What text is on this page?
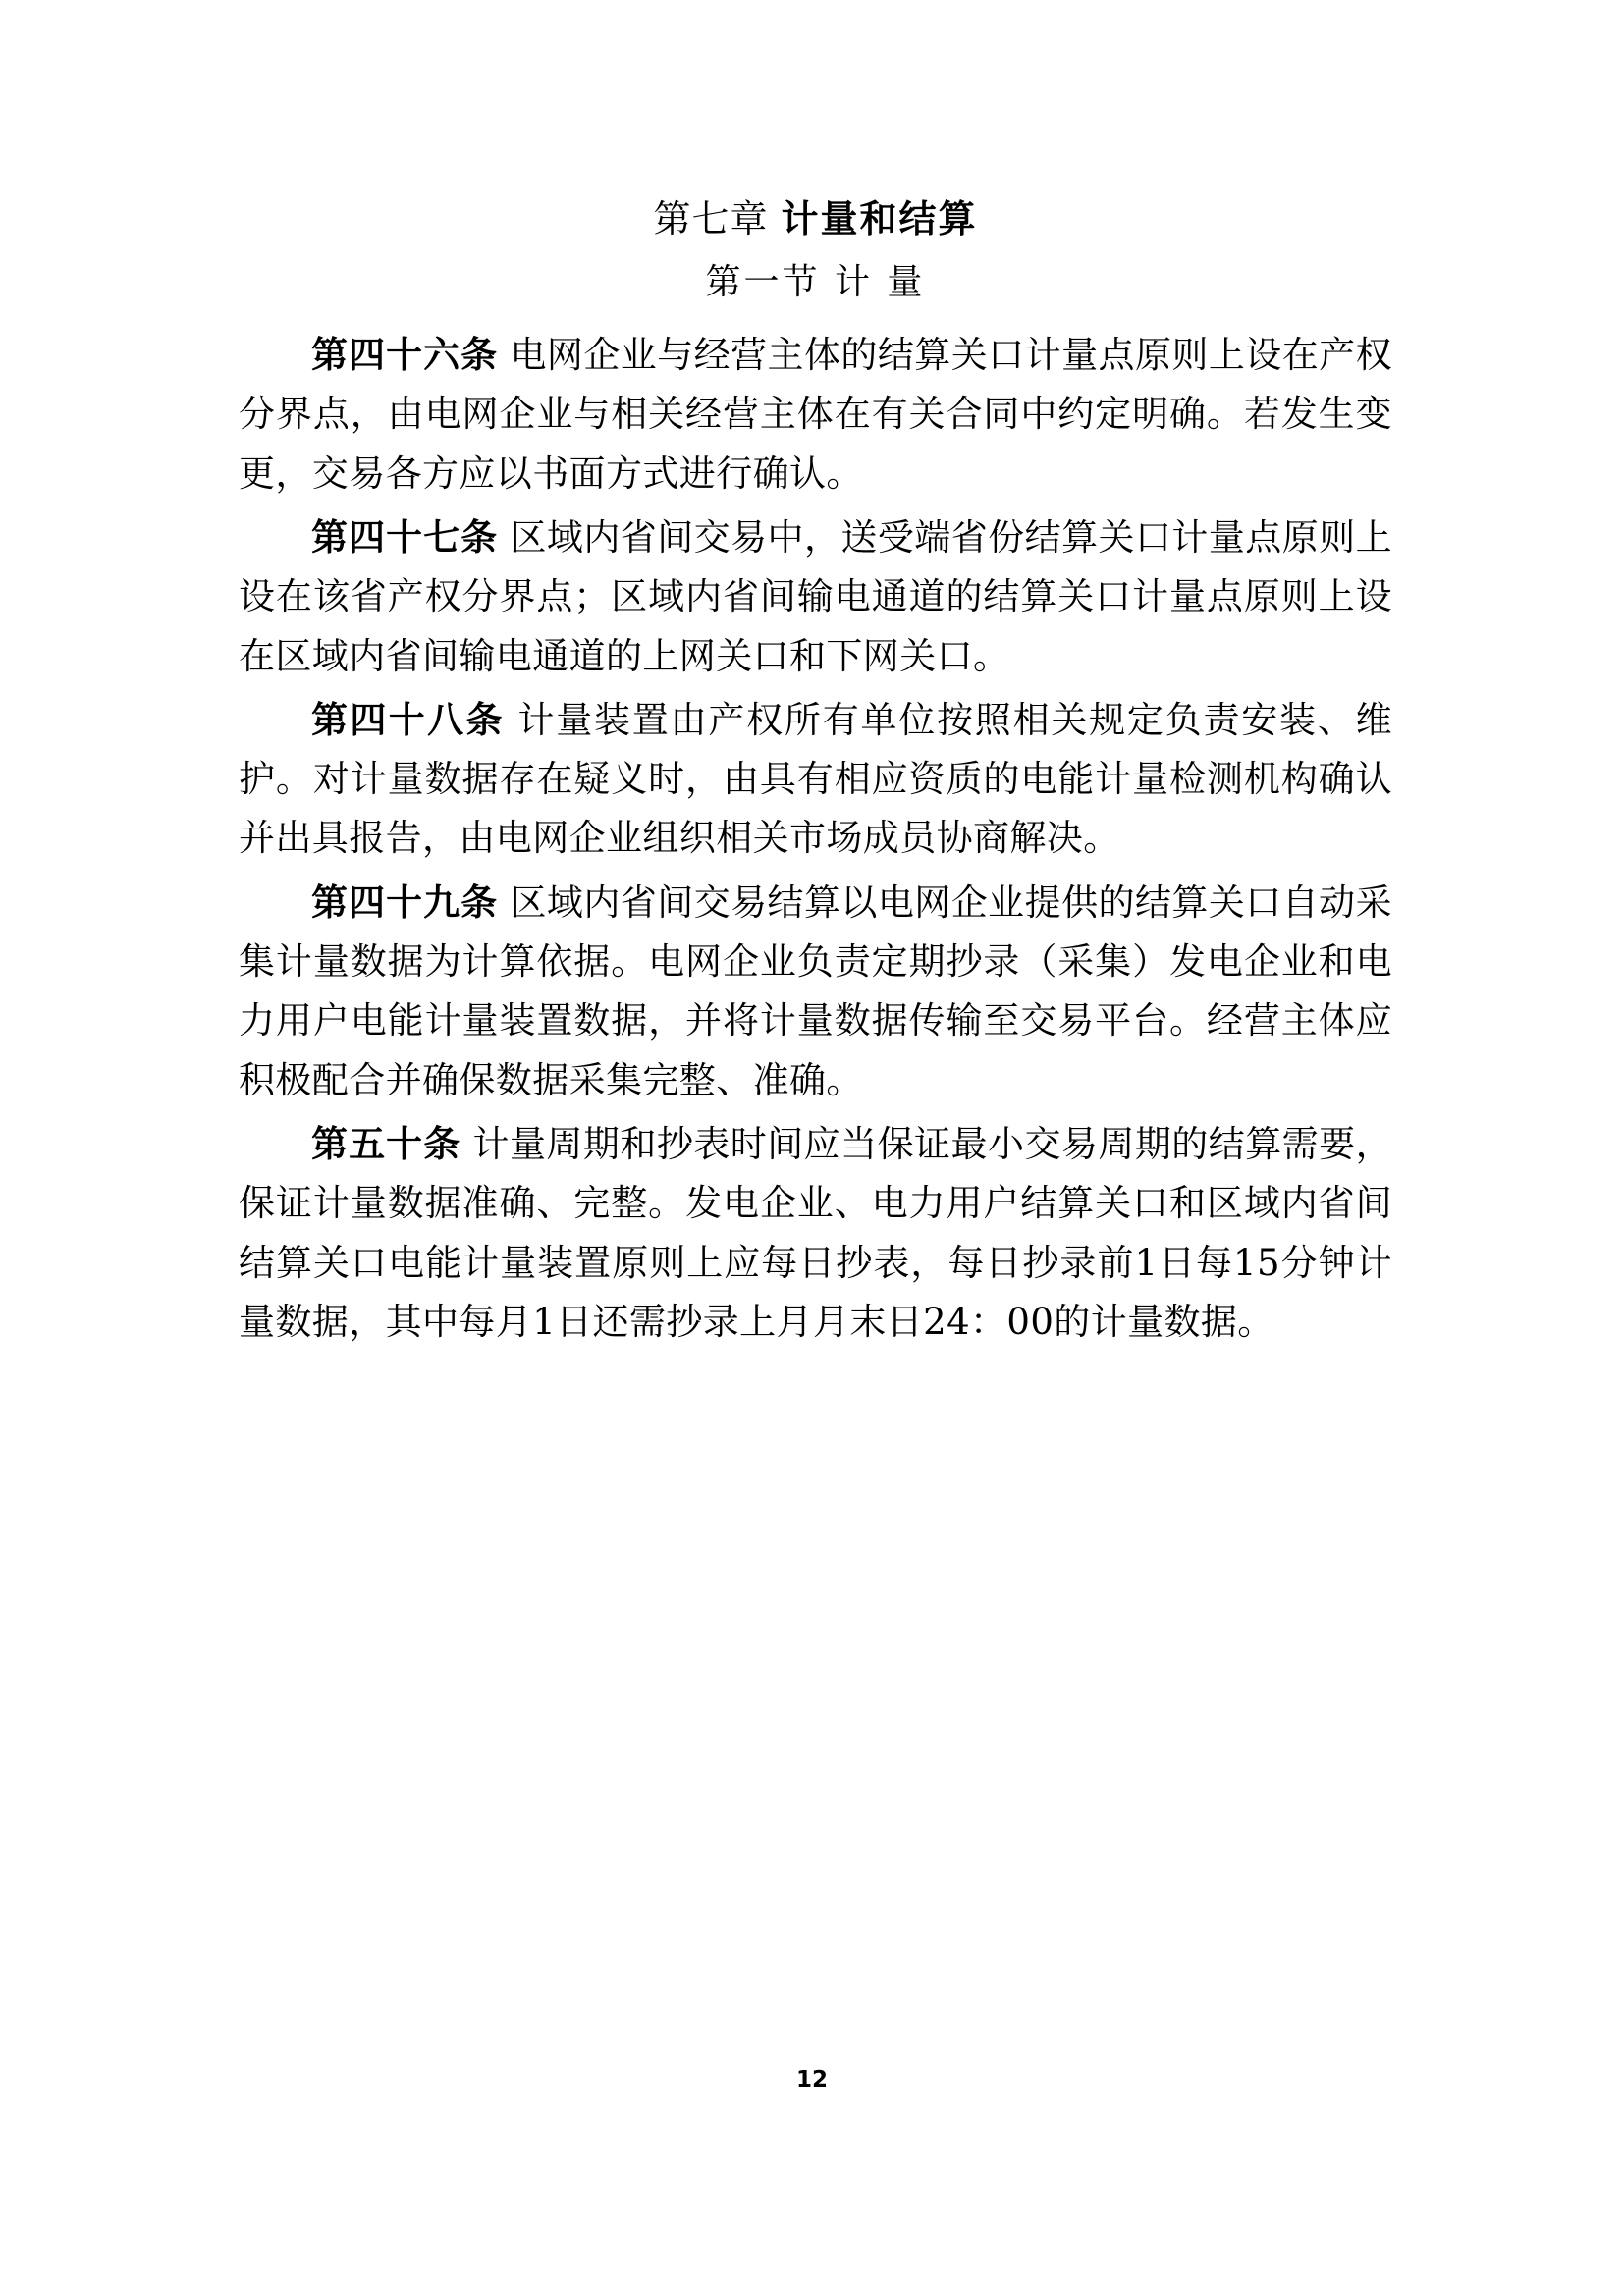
第七章 计量和结算
第一节 计 量

第四十六条 电网企业与经营主体的结算关口计量点原则上设在产权分界点，由电网企业与相关经营主体在有关合同中约定明确。若发生变更，交易各方应以书面方式进行确认。

第四十七条 区域内省间交易中，送受端省份结算关口计量点原则上设在该省产权分界点；区域内省间输电通道的结算关口计量点原则上设在区域内省间输电通道的上网关口和下网关口。

第四十八条 计量装置由产权所有单位按照相关规定负责安装、维护。对计量数据存在疑义时，由具有相应资质的电能计量检测机构确认并出具报告，由电网企业组织相关市场成员协商解决。

第四十九条 区域内省间交易结算以电网企业提供的结算关口自动采集计量数据为计算依据。电网企业负责定期抄录（采集）发电企业和电力用户电能计量装置数据，并将计量数据传输至交易平台。经营主体应积极配合并确保数据采集完整、准确。

第五十条 计量周期和抄表时间应当保证最小交易周期的结算需要，保证计量数据准确、完整。发电企业、电力用户结算关口和区域内省间结算关口电能计量装置原则上应每日抄表，每日抄录前1日每15分钟计量数据，其中每月1日还需抄录上月月末日24：00的计量数据。

12
